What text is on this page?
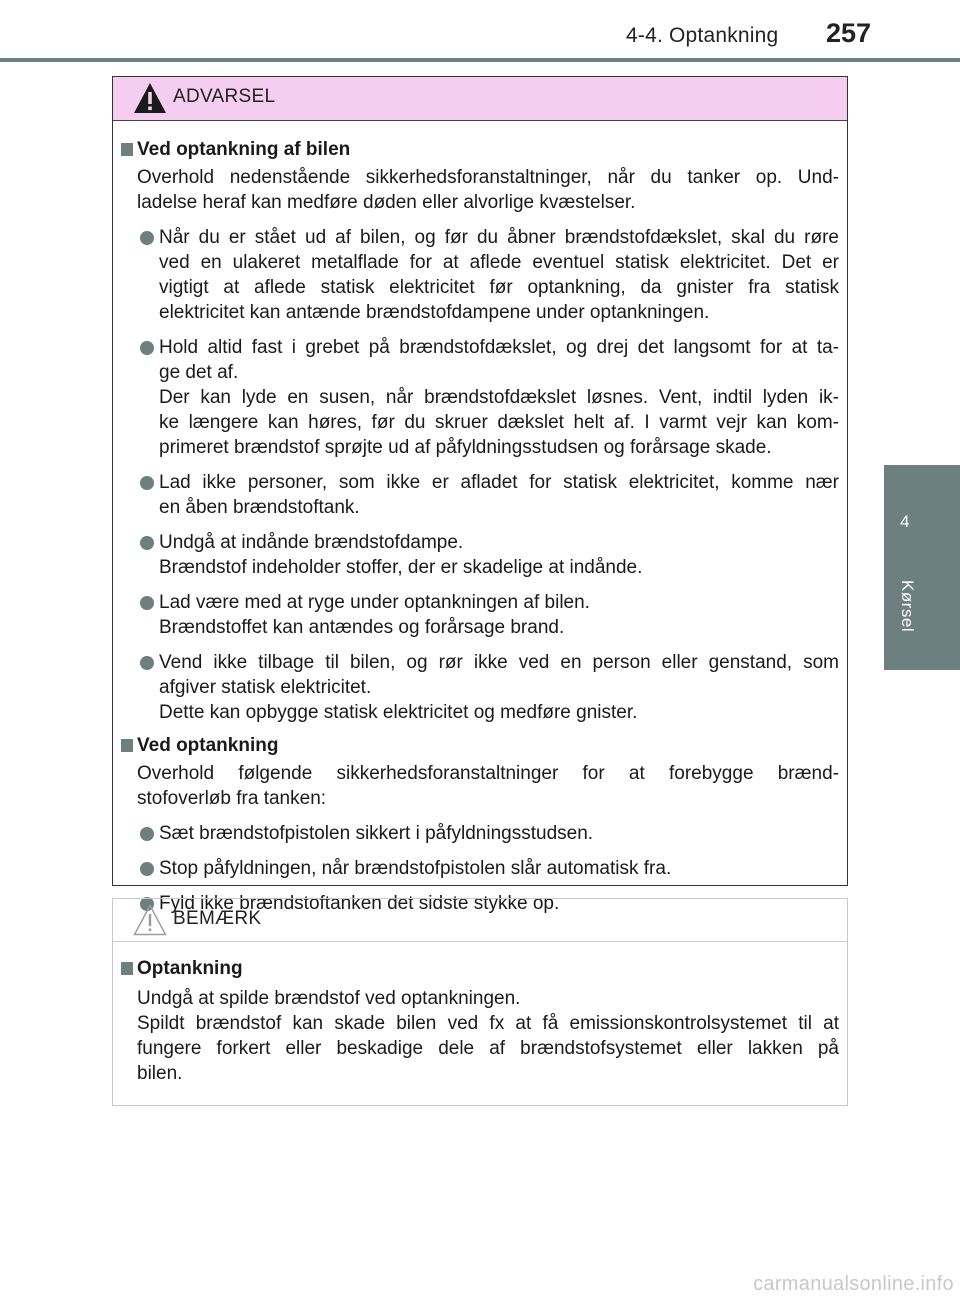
4-4. Optankning 257
4
Kørsel
ADVARSEL

Ved optankning af bilen

Overhold nedenstående sikkerhedsforanstaltninger, når du tanker op. Und-
ladelse heraf kan medføre døden eller alvorlige kvæstelser.

Når du er stået ud af bilen, og før du åbner brændstofdækslet, skal du røre
ved en ulakeret metalflade for at aflede eventuel statisk elektricitet. Det er
vigtigt at aflede statisk elektricitet før optankning, da gnister fra statisk
elektricitet kan antænde brændstofdampene under optankningen.
Hold altid fast i grebet på brændstofdækslet, og drej det langsomt for at ta-
ge det af.
Der kan lyde en susen, når brændstofdækslet løsnes. Vent, indtil lyden ik-
ke længere kan høres, før du skruer dækslet helt af. I varmt vejr kan kom-
primeret brændstof sprøjte ud af påfyldningsstudsen og forårsage skade.
Lad ikke personer, som ikke er afladet for statisk elektricitet, komme nær
en åben brændstoftank.
Undgå at indånde brændstofdampe.
Brændstof indeholder stoffer, der er skadelige at indånde.
Lad være med at ryge under optankningen af bilen.
Brændstoffet kan antændes og forårsage brand.
Vend ikke tilbage til bilen, og rør ikke ved en person eller genstand, som
afgiver statisk elektricitet.
Dette kan opbygge statisk elektricitet og medføre gnister.

Ved optankning

Overhold følgende sikkerhedsforanstaltninger for at forebygge brænd-
stofoverløb fra tanken:

Sæt brændstofpistolen sikkert i påfyldningsstudsen.
Stop påfyldningen, når brændstofpistolen slår automatisk fra.
Fyld ikke brændstoftanken det sidste stykke op.
BEMÆRK

Optankning

Undgå at spilde brændstof ved optankningen.
Spildt brændstof kan skade bilen ved fx at få emissionskontrolsystemet til at
fungere forkert eller beskadige dele af brændstofsystemet eller lakken på
bilen.

carmanualsonline.info
